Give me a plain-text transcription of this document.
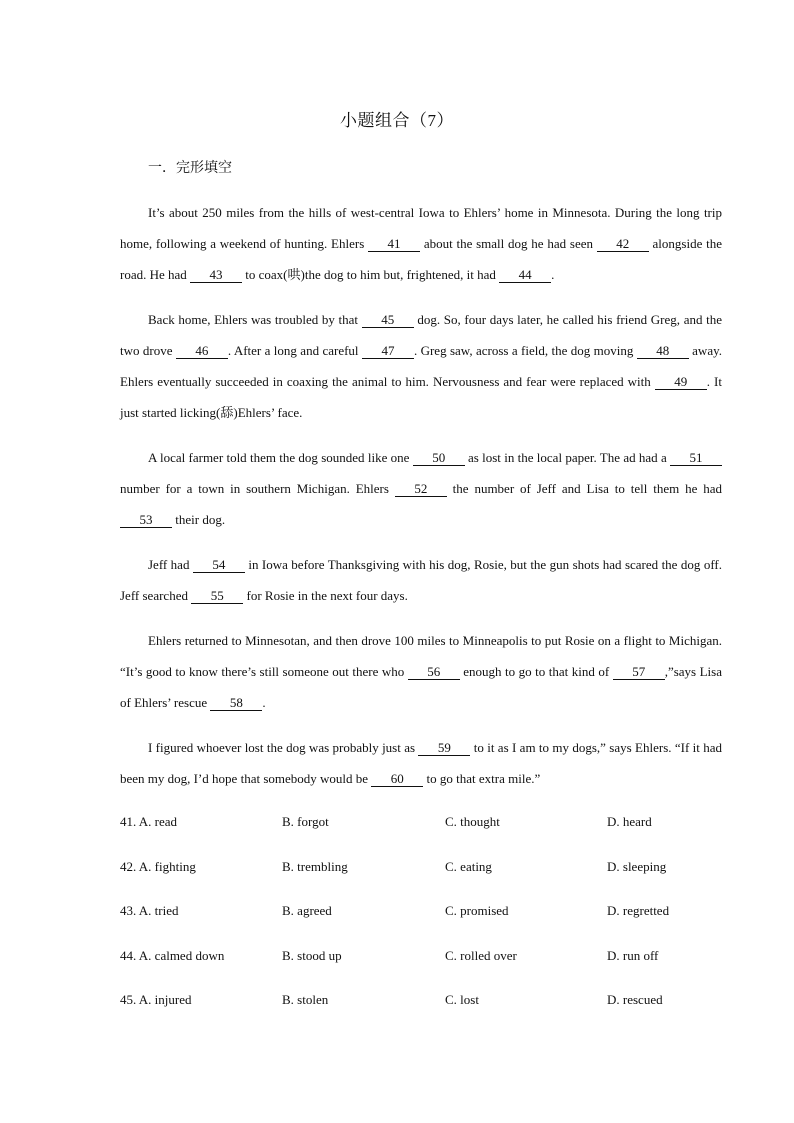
小题组合（7）
一．完形填空

It’s about 250 miles from the hills of west-central Iowa to Ehlers’ home in Minnesota. During the long trip home, following a weekend of hunting. Ehlers 41 about the small dog he had seen 42 alongside the road. He had 43 to coax(哄)the dog to him but, frightened, it had 44 .

Back home, Ehlers was troubled by that 45 dog. So, four days later, he called his friend Greg, and the two drove 46 . After a long and careful 47 . Greg saw, across a field, the dog moving 48 away. Ehlers eventually succeeded in coaxing the animal to him. Nervousness and fear were replaced with 49 . It just started licking(舔)Ehlers’ face.

A local farmer told them the dog sounded like one 50 as lost in the local paper. The ad had a 51 number for a town in southern Michigan. Ehlers 52 the number of Jeff and Lisa to tell them he had 53 their dog.

Jeff had 54 in Iowa before Thanksgiving with his dog, Rosie, but the gun shots had scared the dog off. Jeff searched 55 for Rosie in the next four days.

Ehlers returned to Minnesotan, and then drove 100 miles to Minneapolis to put Rosie on a flight to Michigan. “It’s good to know there’s still someone out there who 56 enough to go to that kind of 57 ,”says Lisa of Ehlers’ rescue 58 .

I figured whoever lost the dog was probably just as 59 to it as I am to my dogs,” says Ehlers. “If it had been my dog, I’d hope that somebody would be 60 to go that extra mile.”

41. A. read	B. forgot	C. thought	D. heard
42. A. fighting	B. trembling	C. eating	D. sleeping
43. A. tried	B. agreed	C. promised	D. regretted
44. A. calmed down	B. stood up	C. rolled over	D. run off
45. A. injured	B. stolen	C. lost	D. rescued
